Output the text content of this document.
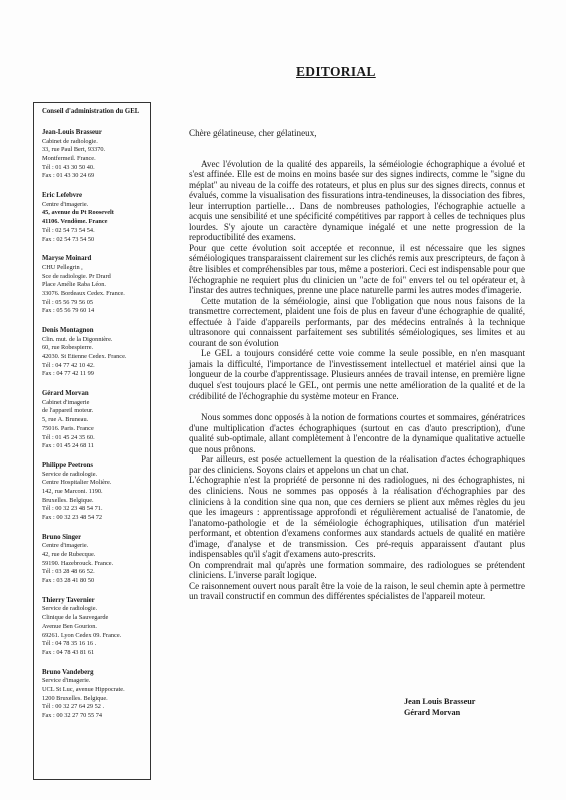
EDITORIAL
Conseil d'administration du GEL
Jean-Louis Brasseur
Cabinet de radiologie.
33, rue Paul Bert, 93370.
Montfermeil. France.
Tél : 01 43 30 50 40.
Fax : 01 43 30 24 69
Eric Lefebvre
Centre d'imagerie.
45, avenue du Pt Roosevelt
41106. Vendôme. France
Tél : 02 54 73 54 54.
Fax : 02 54 73 54 50
Maryse Moinard
CHU Pellegrin ,
Sce de radiologie. Pr Drard
Place Amélie Raba Léon.
33076. Bordeaux Cedex. France.
Tél : 05 56 79 56 05
Fax : 05 56 79 60 14
Denis Montagnon
Clin. mut. de la Digonnière.
60, rue Robespierre.
42030. St Etienne Cedex. France.
Tél : 04 77 42 10 42.
Fax : 04 77 42 11 99
Gérard Morvan
Cabinet d'imagerie
de l'appareil moteur.
5, rue A. Bruneau.
75016. Paris. France
Tél : 01 45 24 35 60.
Fax : 01 45 24 68 11
Philippe Peetrons
Service de radiologie.
Centre Hospitalier Molière.
142, rue Marconi. 1190.
Bruxelles. Belgique.
Tél : 00 32 23 48 54 71.
Fax : 00 32 23 48 54 72
Bruno Singer
Centre d'imagerie.
42, rue de Rubecque.
59190. Hazebrouck. France.
Tél : 03 28 48 66 52.
Fax : 03 28 41 80 50
Thierry Tavernier
Service de radiologie.
Clinique de la Sauvegarde
Avenue Ben Gourion.
69261. Lyon Cedex 09. France.
Tél : 04 78 35 16 16 .
Fax : 04 78 43 81 61
Bruno Vandeberg
Service d'imagerie.
UCL St Luc, avenue Hippocrate.
1200 Bruxelles. Belgique.
Tél : 00 32 27 64 29 52 .
Fax : 00 32 27 70 55 74

Chère gélatineuse, cher gélatineux,

Avec l'évolution de la qualité des appareils, la séméiologie échographique a évolué et s'est affinée. Elle est de moins en moins basée sur des signes indirects, comme le "signe du méplat" au niveau de la coiffe des rotateurs, et plus en plus sur des signes directs, connus et évalués, comme la visualisation des fissurations intra-tendineuses, la dissociation des fibres, leur interruption partielle… Dans de nombreuses pathologies, l'échographie actuelle a acquis une sensibilité et une spécificité compétitives par rapport à celles de techniques plus lourdes. S'y ajoute un caractère dynamique inégalé et une nette progression de la reproductibilité des examens.

Pour que cette évolution soit acceptée et reconnue, il est nécessaire que les signes séméiologiques transparaissent clairement sur les clichés remis aux prescripteurs, de façon à être lisibles et compréhensibles par tous, même a posteriori. Ceci est indispensable pour que l'échographie ne requiert plus du clinicien un "acte de foi" envers tel ou tel opérateur et, à l'instar des autres techniques, prenne une place naturelle parmi les autres modes d'imagerie.

Cette mutation de la séméiologie, ainsi que l'obligation que nous nous faisons de la transmettre correctement, plaident une fois de plus en faveur d'une échographie de qualité, effectuée à l'aide d'appareils performants, par des médecins entraînés à la technique ultrasonore qui connaissent parfaitement ses subtilités séméiologiques, ses limites et au courant de son évolution

Le GEL a toujours considéré cette voie comme la seule possible, en n'en masquant jamais la difficulté, l'importance de l'investissement intellectuel et matériel ainsi que la longueur de la courbe d'apprentissage. Plusieurs années de travail intense, en première ligne duquel s'est toujours placé le GEL, ont permis une nette amélioration de la qualité et de la crédibilité de l'échographie du système moteur en France.

Nous sommes donc opposés à la notion de formations courtes et sommaires, génératrices d'une multiplication d'actes échographiques (surtout en cas d'auto prescription), d'une qualité sub-optimale, allant complètement à l'encontre de la dynamique qualitative actuelle que nous prônons.

Par ailleurs, est posée actuellement la question de la réalisation d'actes échographiques par des cliniciens. Soyons clairs et appelons un chat un chat.

L'échographie n'est la propriété de personne ni des radiologues, ni des échographistes, ni des cliniciens. Nous ne sommes pas opposés à la réalisation d'échographies par des cliniciens à la condition sine qua non, que ces derniers se plient aux mêmes règles du jeu que les imageurs : apprentissage approfondi et régulièrement actualisé de l'anatomie, de l'anatomo-pathologie et de la séméiologie échographiques, utilisation d'un matériel performant, et obtention d'examens conformes aux standards actuels de qualité en matière d'image, d'analyse et de transmission. Ces pré-requis apparaissent d'autant plus indispensables qu'il s'agit d'examens auto-prescrits.

On comprendrait mal qu'après une formation sommaire, des radiologues se prétendent cliniciens. L'inverse paraît logique.

Ce raisonnement ouvert nous paraît être la voie de la raison, le seul chemin apte à permettre un travail constructif en commun des différentes spécialistes de l'appareil moteur.

Jean Louis Brasseur
Gérard Morvan
